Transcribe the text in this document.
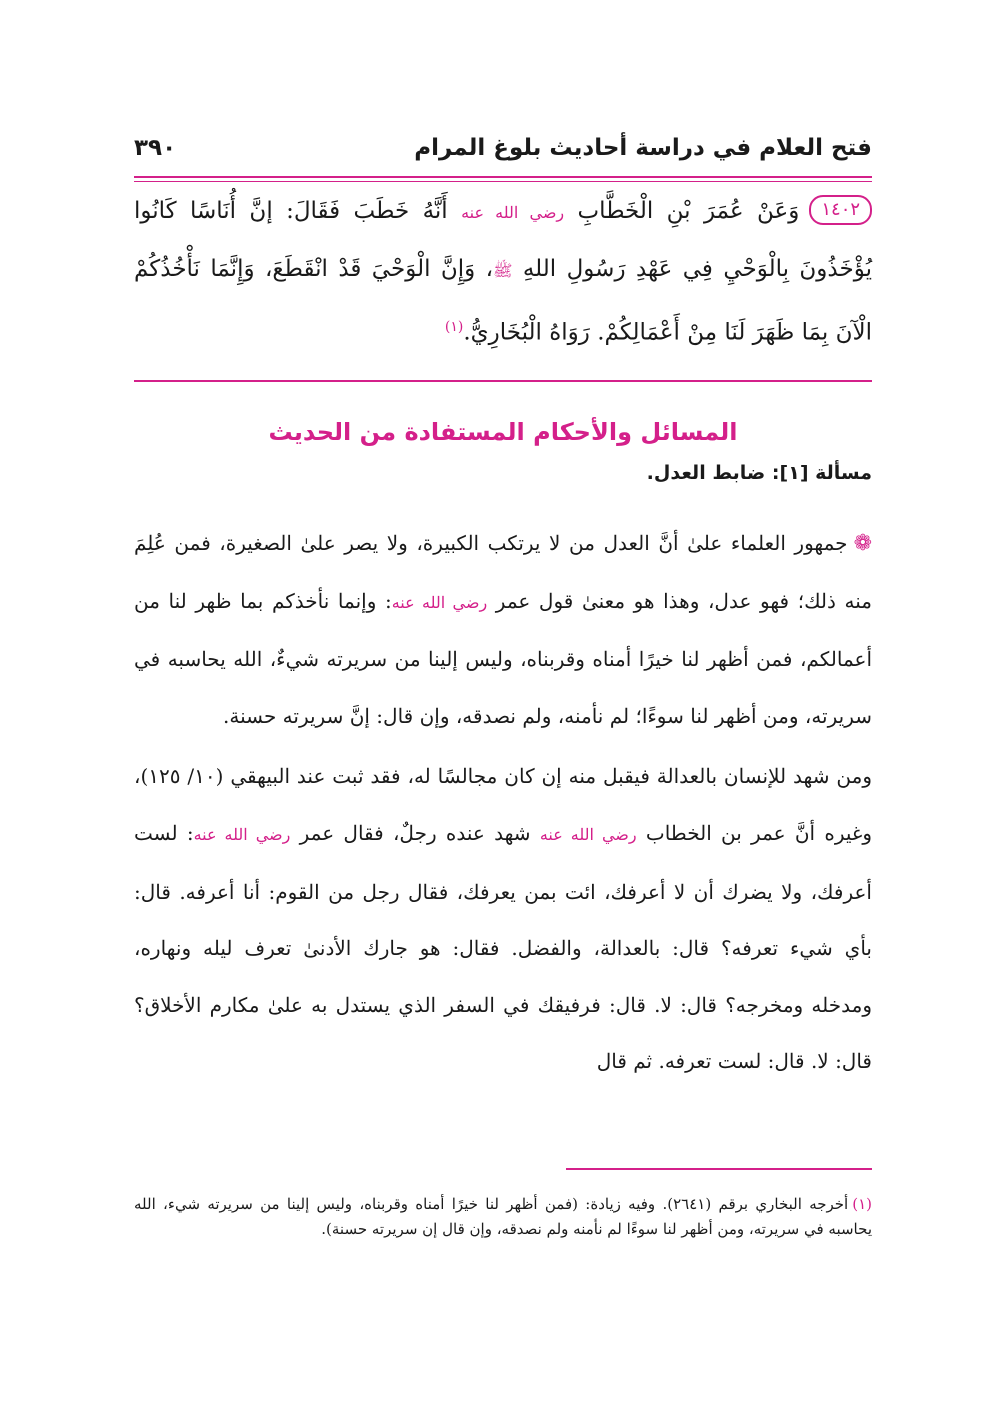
فتح العلام في دراسة أحاديث بلوغ المرام
٣٩٠
١٤٠٢وَعَنْ عُمَرَ بْنِ الْخَطَّابِ رضي الله عنه أَنَّهُ خَطَبَ فَقَالَ: إنَّ أُنَاسًا كَانُوا يُؤْخَذُونَ بِالْوَحْيِ فِي عَهْدِ رَسُولِ اللهِ ﷺ، وَإِنَّ الْوَحْيَ قَدْ انْقَطَعَ، وَإِنَّمَا نَأْخُذُكُمْ الْآنَ بِمَا ظَهَرَ لَنَا مِنْ أَعْمَالِكُمْ. رَوَاهُ الْبُخَارِيُّ.$^{(١)}$
المسائل والأحكام المستفادة من الحديث
مسألة [١]: ضابط العدل.

❁جمهور العلماء علىٰ أنَّ العدل من لا يرتكب الكبيرة، ولا يصر علىٰ الصغيرة، فمن عُلِمَ منه ذلك؛ فهو عدل، وهذا هو معنىٰ قول عمر رضي الله عنه: وإنما نأخذكم بما ظهر لنا من أعمالكم، فمن أظهر لنا خيرًا أمناه وقربناه، وليس إلينا من سريرته شيءٌ، الله يحاسبه في سريرته، ومن أظهر لنا سوءًا؛ لم نأمنه، ولم نصدقه، وإن قال: إنَّ سريرته حسنة.

ومن شهد للإنسان بالعدالة فيقبل منه إن كان مجالسًا له، فقد ثبت عند البيهقي (١٠/ ١٢٥)، وغيره أنَّ عمر بن الخطاب رضي الله عنه شهد عنده رجلٌ، فقال عمر رضي الله عنه: لست أعرفك، ولا يضرك أن لا أعرفك، ائت بمن يعرفك، فقال رجل من القوم: أنا أعرفه. قال: بأي شيء تعرفه؟ قال: بالعدالة، والفضل. فقال: هو جارك الأدنىٰ تعرف ليله ونهاره، ومدخله ومخرجه؟ قال: لا. قال: فرفيقك في السفر الذي يستدل به علىٰ مكارم الأخلاق؟ قال: لا. قال: لست تعرفه. ثم قال

(١)أخرجه البخاري برقم (٢٦٤١). وفيه زيادة: (فمن أظهر لنا خيرًا أمناه وقربناه، وليس إلينا من سريرته شيء، الله يحاسبه في سريرته، ومن أظهر لنا سوءًا لم نأمنه ولم نصدقه، وإن قال إن سريرته حسنة).
